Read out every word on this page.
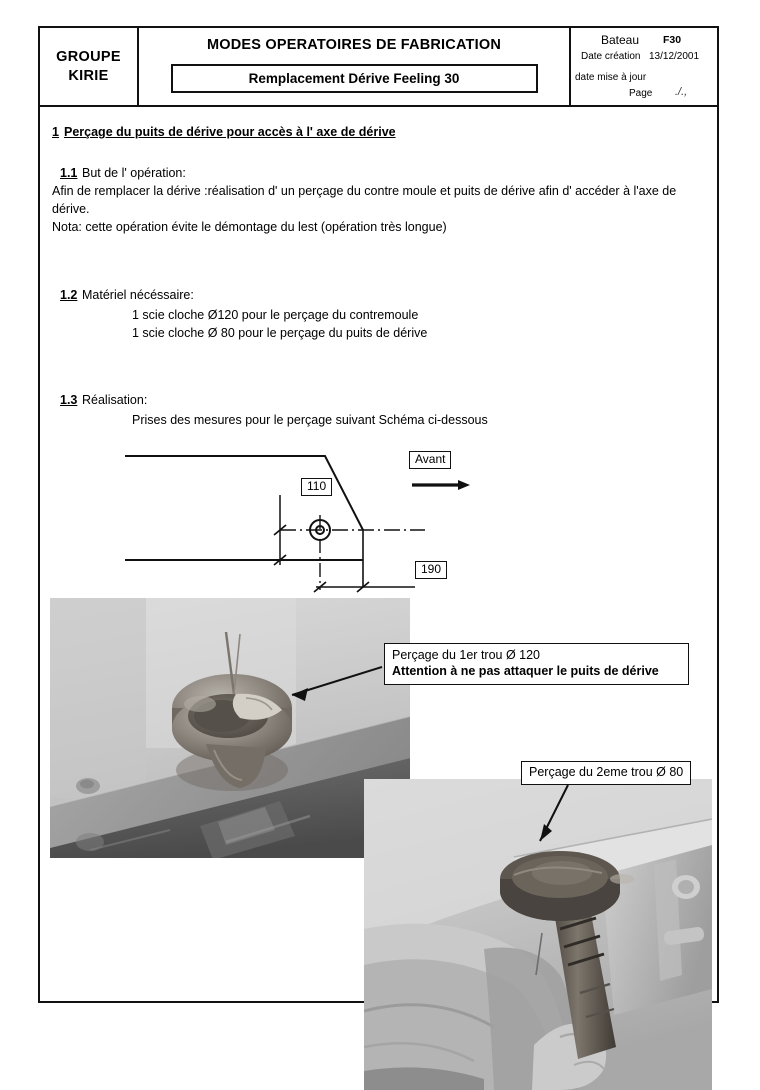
GROUPE
KIRIE
MODES OPERATOIRES DE FABRICATION
Remplacement Dérive Feeling 30
Bateau F30
Date création 13/12/2001
date mise à jour
Page ./.,
1 Perçage du puits de dérive pour accès à l' axe de dérive
1.1 But de l' opération:
Afin de remplacer la dérive :réalisation d' un perçage du contre moule et puits de dérive afin d' accéder à l'axe de
dérive.
Nota: cette opération évite le démontage du lest (opération très longue)
1.2 Matériel nécéssaire:
1 scie cloche Ø120 pour le perçage du contremoule
1 scie cloche Ø 80 pour le perçage du puits de dérive
1.3 Réalisation:
Prises des mesures pour le perçage suivant Schéma ci-dessous
110
190
Avant
Perçage du 1er trou Ø 120
Attention à ne pas attaquer le puits de dérive
Perçage du 2eme trou Ø 80
